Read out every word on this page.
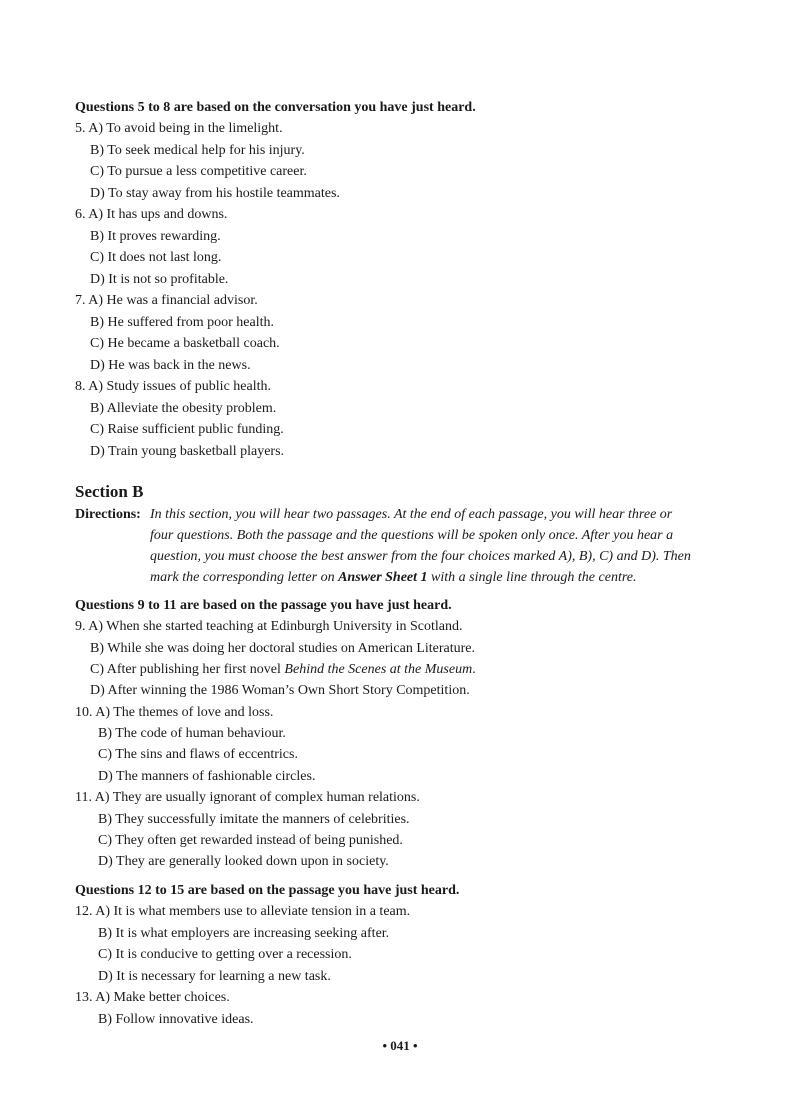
Questions 5 to 8 are based on the conversation you have just heard.
5. A) To avoid being in the limelight.
B) To seek medical help for his injury.
C) To pursue a less competitive career.
D) To stay away from his hostile teammates.
6. A) It has ups and downs.
B) It proves rewarding.
C) It does not last long.
D) It is not so profitable.
7. A) He was a financial advisor.
B) He suffered from poor health.
C) He became a basketball coach.
D) He was back in the news.
8. A) Study issues of public health.
B) Alleviate the obesity problem.
C) Raise sufficient public funding.
D) Train young basketball players.
Section B
Directions: In this section, you will hear two passages. At the end of each passage, you will hear three or
four questions. Both the passage and the questions will be spoken only once. After you hear a
question, you must choose the best answer from the four choices marked A), B), C) and D). Then
mark the corresponding letter on Answer Sheet 1 with a single line through the centre.
Questions 9 to 11 are based on the passage you have just heard.
9. A) When she started teaching at Edinburgh University in Scotland.
B) While she was doing her doctoral studies on American Literature.
C) After publishing her first novel Behind the Scenes at the Museum.
D) After winning the 1986 Woman’s Own Short Story Competition.
10. A) The themes of love and loss.
B) The code of human behaviour.
C) The sins and flaws of eccentrics.
D) The manners of fashionable circles.
11. A) They are usually ignorant of complex human relations.
B) They successfully imitate the manners of celebrities.
C) They often get rewarded instead of being punished.
D) They are generally looked down upon in society.
Questions 12 to 15 are based on the passage you have just heard.
12. A) It is what members use to alleviate tension in a team.
B) It is what employers are increasing seeking after.
C) It is conducive to getting over a recession.
D) It is necessary for learning a new task.
13. A) Make better choices.
B) Follow innovative ideas.
• 041 •
